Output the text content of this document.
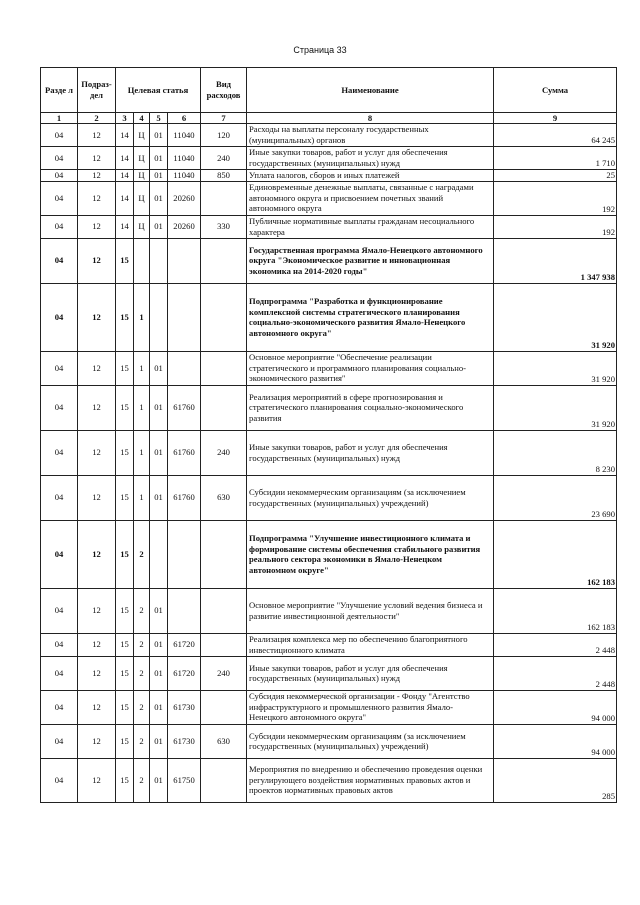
Страница 33
Разде л	Подраз- дел	Целевая статья				Вид расходов	Наименование	Сумма
1	2	3	4	5	6	7	8	9
04	12	14	Ц	01	11040	120	Расходы на выплаты персоналу государственных (муниципальных) органов	64 245
04	12	14	Ц	01	11040	240	Иные закупки товаров, работ и услуг для обеспечения государственных (муниципальных) нужд	1 710
04	12	14	Ц	01	11040	850	Уплата налогов, сборов и иных платежей	25
04	12	14	Ц	01	20260		Единовременные денежные выплаты, связанные с наградами автономного округа и присвоением почетных званий автономного округа	192
04	12	14	Ц	01	20260	330	Публичные нормативные выплаты гражданам несоциального характера	192
04	12	15					Государственная программа Ямало-Ненецкого автономного округа "Экономическое развитие и инновационная экономика на 2014-2020 годы"	1 347 938
04	12	15	1				Подпрограмма "Разработка и функционирование комплексной системы стратегического планирования социально-экономического развития Ямало-Ненецкого автономного округа"	31 920
04	12	15	1	01			Основное мероприятие "Обеспечение реализации стратегического и программного планирования социально-экономического развития"	31 920
04	12	15	1	01	61760		Реализация мероприятий в сфере прогнозирования и стратегического планирования социально-экономического развития	31 920
04	12	15	1	01	61760	240	Иные закупки товаров, работ и услуг для обеспечения государственных (муниципальных) нужд	8 230
04	12	15	1	01	61760	630	Субсидии некоммерческим организациям (за исключением государственных (муниципальных) учреждений)	23 690
04	12	15	2				Подпрограмма "Улучшение инвестиционного климата и формирование системы обеспечения стабильного развития реального сектора экономики в Ямало-Ненецком автономном округе"	162 183
04	12	15	2	01			Основное мероприятие "Улучшение условий ведения бизнеса и развитие инвестиционной деятельности"	162 183
04	12	15	2	01	61720		Реализация комплекса мер по обеспечению благоприятного инвестиционного климата	2 448
04	12	15	2	01	61720	240	Иные закупки товаров, работ и услуг для обеспечения государственных (муниципальных) нужд	2 448
04	12	15	2	01	61730		Субсидия некоммерческой организации - Фонду "Агентство инфраструктурного и промышленного развития Ямало-Ненецкого автономного округа"	94 000
04	12	15	2	01	61730	630	Субсидии некоммерческим организациям (за исключением государственных (муниципальных) учреждений)	94 000
04	12	15	2	01	61750		Мероприятия по внедрению и обеспечению проведения оценки регулирующего воздействия нормативных правовых актов и проектов нормативных правовых актов	285
